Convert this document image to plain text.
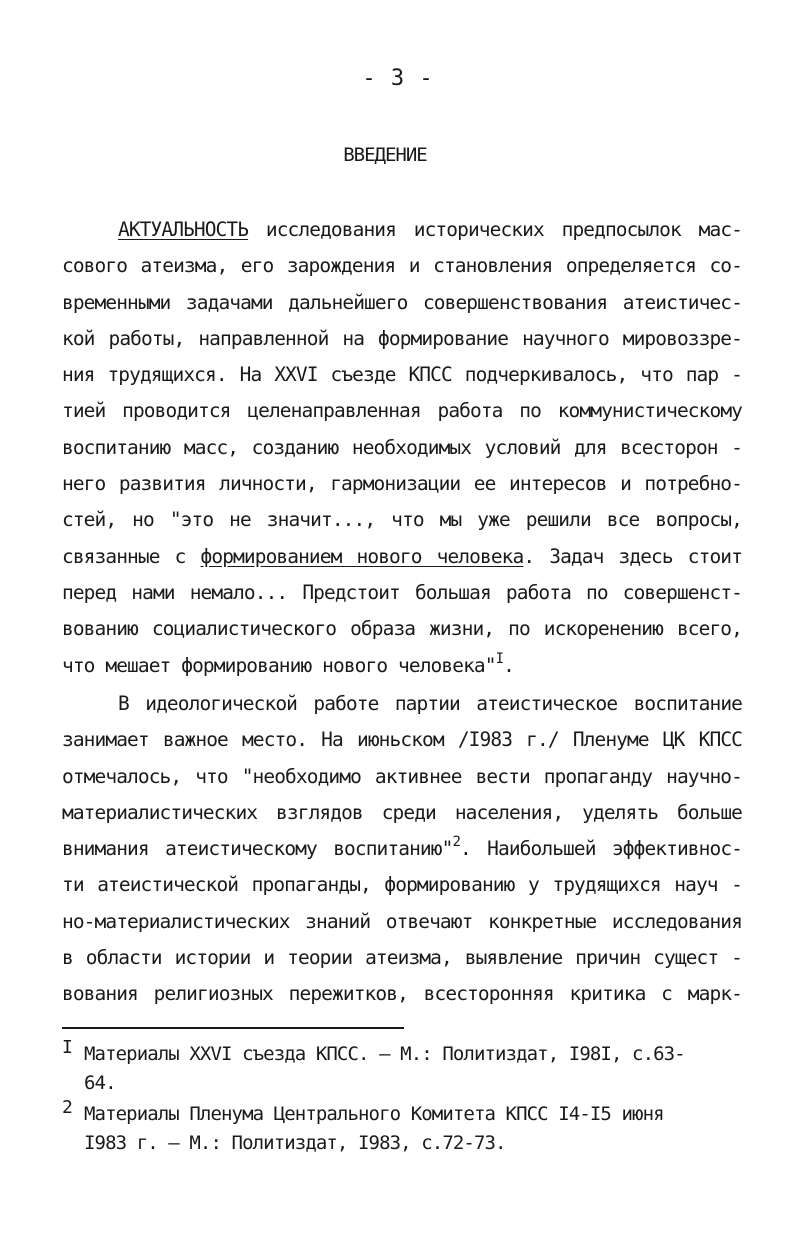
- 3 -
ВВЕДЕНИЕ
АКТУАЛЬНОСТЬ исследования исторических предпосылок мас-
сового атеизма, его зарождения и становления определяется со-
временными задачами дальнейшего совершенствования атеистичес-
кой работы, направленной на формирование научного мировоззре-
ния трудящихся. На XXVI съезде КПСС подчеркивалось, что пар -
тией проводится целенаправленная работа по коммунистическому
воспитанию масс, созданию необходимых условий для всесторон -
него развития личности, гармонизации ее интересов и потребно-
стей, но "это не значит..., что мы уже решили все вопросы,
связанные с формированием нового человека. Задач здесь стоит
перед нами немало... Предстоит большая работа по совершенст-
вованию социалистического образа жизни, по искоренению всего,
что мешает формированию нового человека"$^I$.
В идеологической работе партии атеистическое воспитание
занимает важное место. На июньском /I983 г./ Пленуме ЦК КПСС
отмечалось, что "необходимо активнее вести пропаганду научно-
материалистических взглядов среди населения, уделять больше
внимания атеистическому воспитанию"$^2$. Наибольшей эффективнос-
ти атеистической пропаганды, формированию у трудящихся науч -
но-материалистических знаний отвечают конкретные исследования
в области истории и теории атеизма, выявление причин сущест -
вования религиозных пережитков, всесторонняя критика с марк-
I Материалы XXVI съезда КПСС. — М.: Политиздат, I98I, с.63-
64.
2 Материалы Пленума Центрального Комитета КПСС I4-I5 июня
I983 г. — М.: Политиздат, I983, с.72-73.
